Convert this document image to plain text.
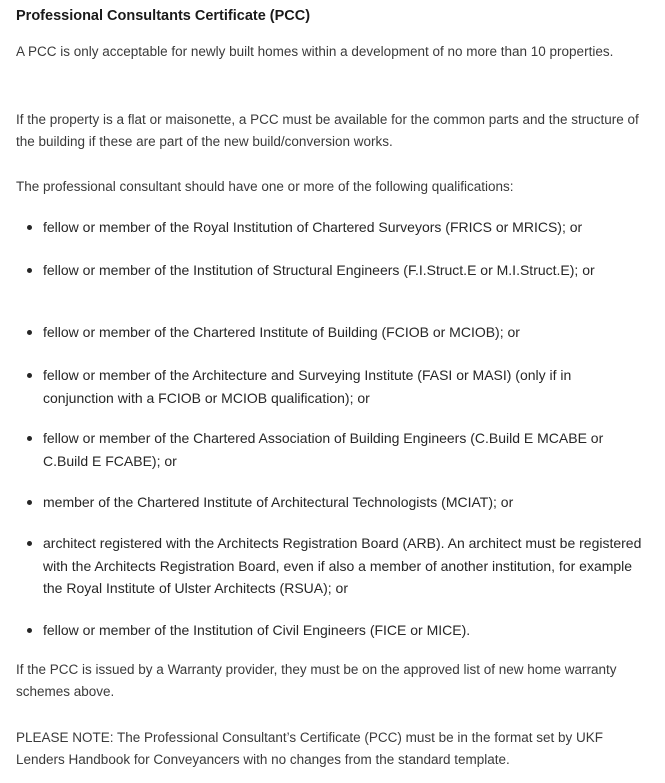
Professional Consultants Certificate (PCC)

A PCC is only acceptable for newly built homes within a development of no more than 10 properties.

If the property is a flat or maisonette, a PCC must be available for the common parts and the structure of the building if these are part of the new build/conversion works.

The professional consultant should have one or more of the following qualifications:

fellow or member of the Royal Institution of Chartered Surveyors (FRICS or MRICS); or
fellow or member of the Institution of Structural Engineers (F.I.Struct.E or M.I.Struct.E); or
fellow or member of the Chartered Institute of Building (FCIOB or MCIOB); or
fellow or member of the Architecture and Surveying Institute (FASI or MASI) (only if in conjunction with a FCIOB or MCIOB qualification); or
fellow or member of the Chartered Association of Building Engineers (C.Build E MCABE or C.Build E FCABE); or
member of the Chartered Institute of Architectural Technologists (MCIAT); or
architect registered with the Architects Registration Board (ARB). An architect must be registered with the Architects Registration Board, even if also a member of another institution, for example the Royal Institute of Ulster Architects (RSUA); or
fellow or member of the Institution of Civil Engineers (FICE or MICE).

If the PCC is issued by a Warranty provider, they must be on the approved list of new home warranty schemes above.

PLEASE NOTE: The Professional Consultant’s Certificate (PCC) must be in the format set by UKF Lenders Handbook for Conveyancers with no changes from the standard template.
